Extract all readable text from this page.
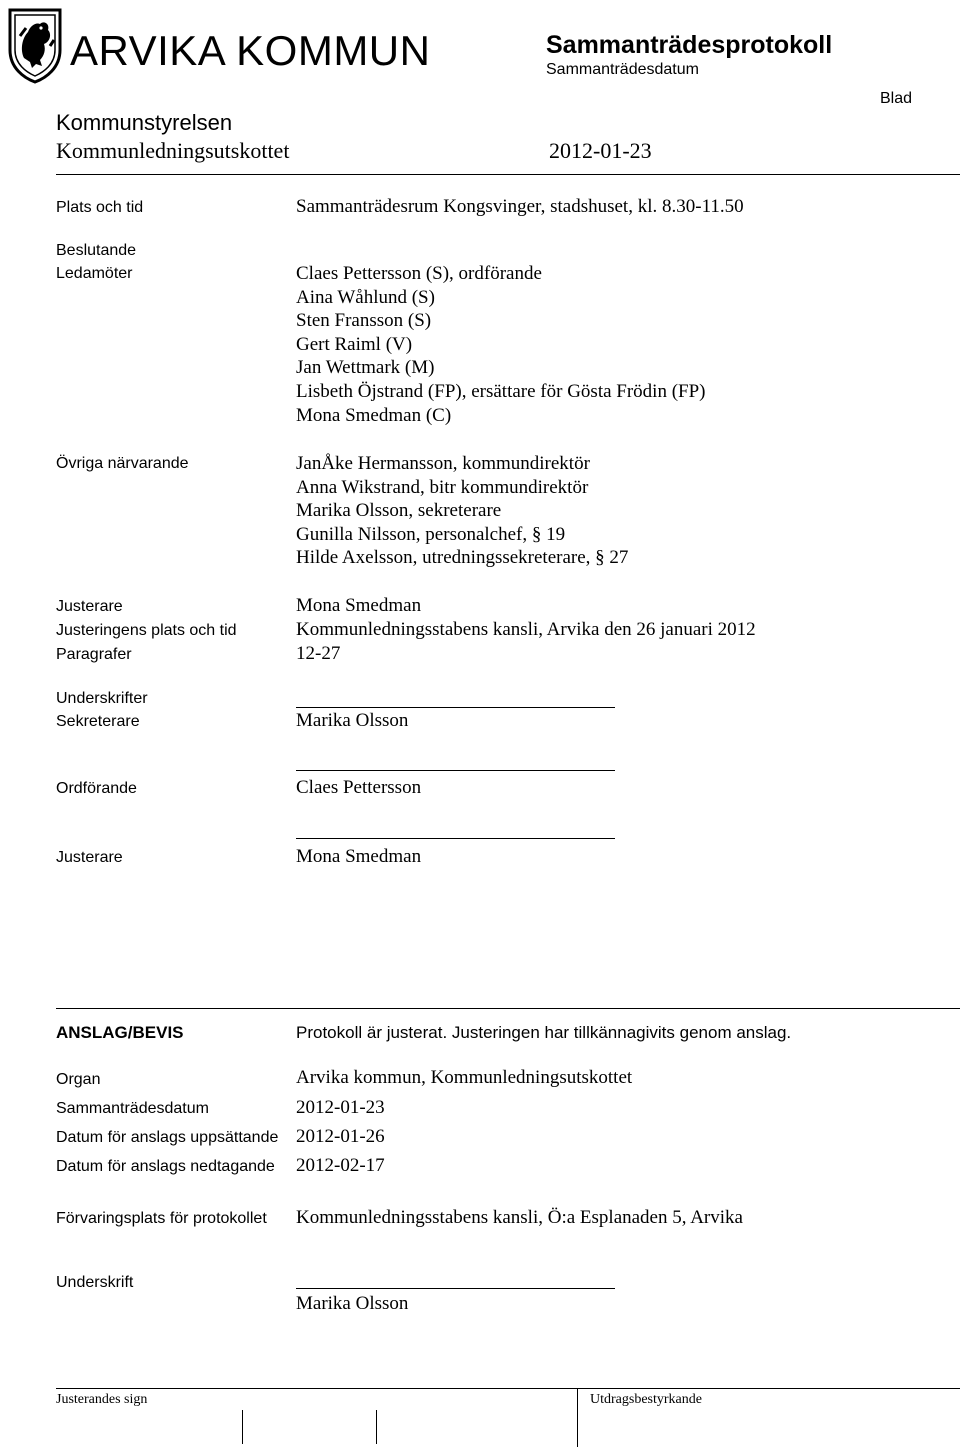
ARVIKA KOMMUN	Sammanträdesprotokoll
Sammanträdesdatum
Blad
Kommunstyrelsen
Kommunledningsutskottet	2012-01-23
Plats och tid	Sammanträdesrum Kongsvinger, stadshuset, kl. 8.30-11.50
Beslutande
Ledamöter	Claes Pettersson (S), ordförande
Aina Wåhlund (S)
Sten Fransson (S)
Gert Raiml (V)
Jan Wettmark (M)
Lisbeth Öjstrand (FP), ersättare för Gösta Frödin (FP)
Mona Smedman (C)
Övriga närvarande	JanÅke Hermansson, kommundirektör
Anna Wikstrand, bitr kommundirektör
Marika Olsson, sekreterare
Gunilla Nilsson, personalchef, § 19
Hilde Axelsson, utredningssekreterare, § 27
Justerare	Mona Smedman
Justeringens plats och tid	Kommunledningsstabens kansli, Arvika den 26 januari 2012
Paragrafer	12-27
Underskrifter
Sekreterare	Marika Olsson
Ordförande	Claes Pettersson
Justerare	Mona Smedman
ANSLAG/BEVIS	Protokoll är justerat. Justeringen har tillkännagivits genom anslag.
Organ	Arvika kommun, Kommunledningsutskottet
Sammanträdesdatum	2012-01-23
Datum för anslags uppsättande 2012-01-26
Datum för anslags nedtagande 2012-02-17
Förvaringsplats för protokollet Kommunledningsstabens kansli, Ö:a Esplanaden 5, Arvika
Underskrift
Marika Olsson
Justerandes sign	Utdragsbestyrkande
